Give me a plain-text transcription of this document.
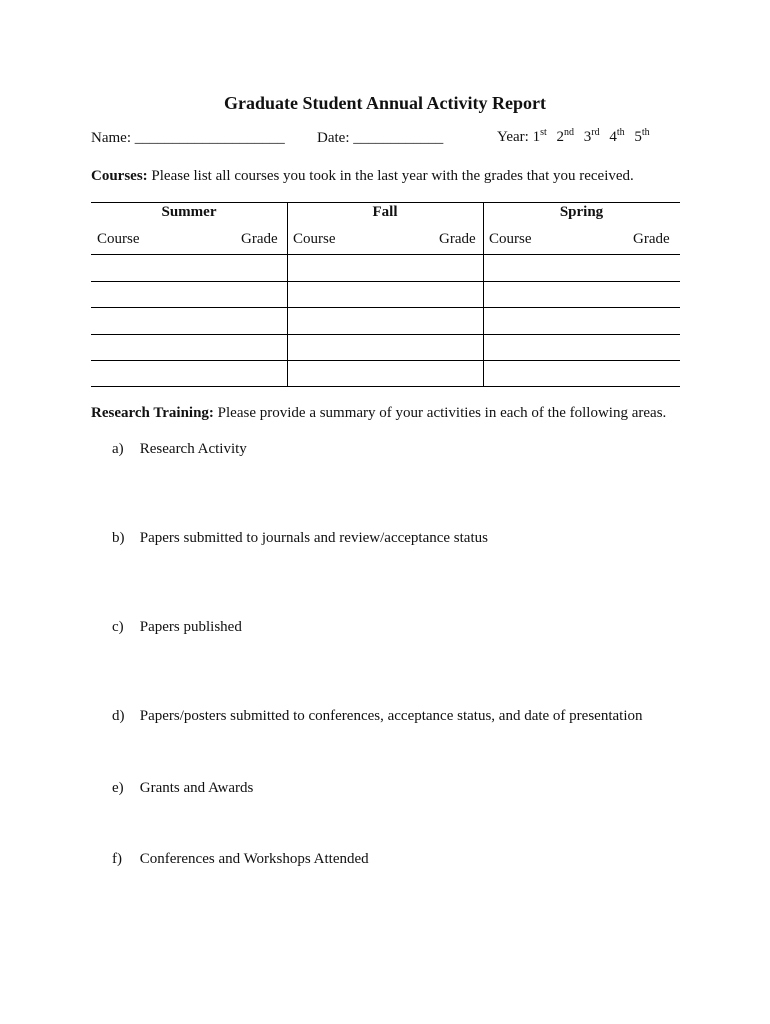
Graduate Student Annual Activity Report
Name: ____________________ Date: ____________	Year: 1st 2nd 3rd 4th 5th
Courses: Please list all courses you took in the last year with the grades that you received.
Summer	Fall	Spring
Course	Grade Course	Grade Course	Grade
Research Training: Please provide a summary of your activities in each of the following areas.
a) Research Activity
b) Papers submitted to journals and review/acceptance status
c) Papers published
d) Papers/posters submitted to conferences, acceptance status, and date of presentation
e) Grants and Awards
f) Conferences and Workshops Attended
